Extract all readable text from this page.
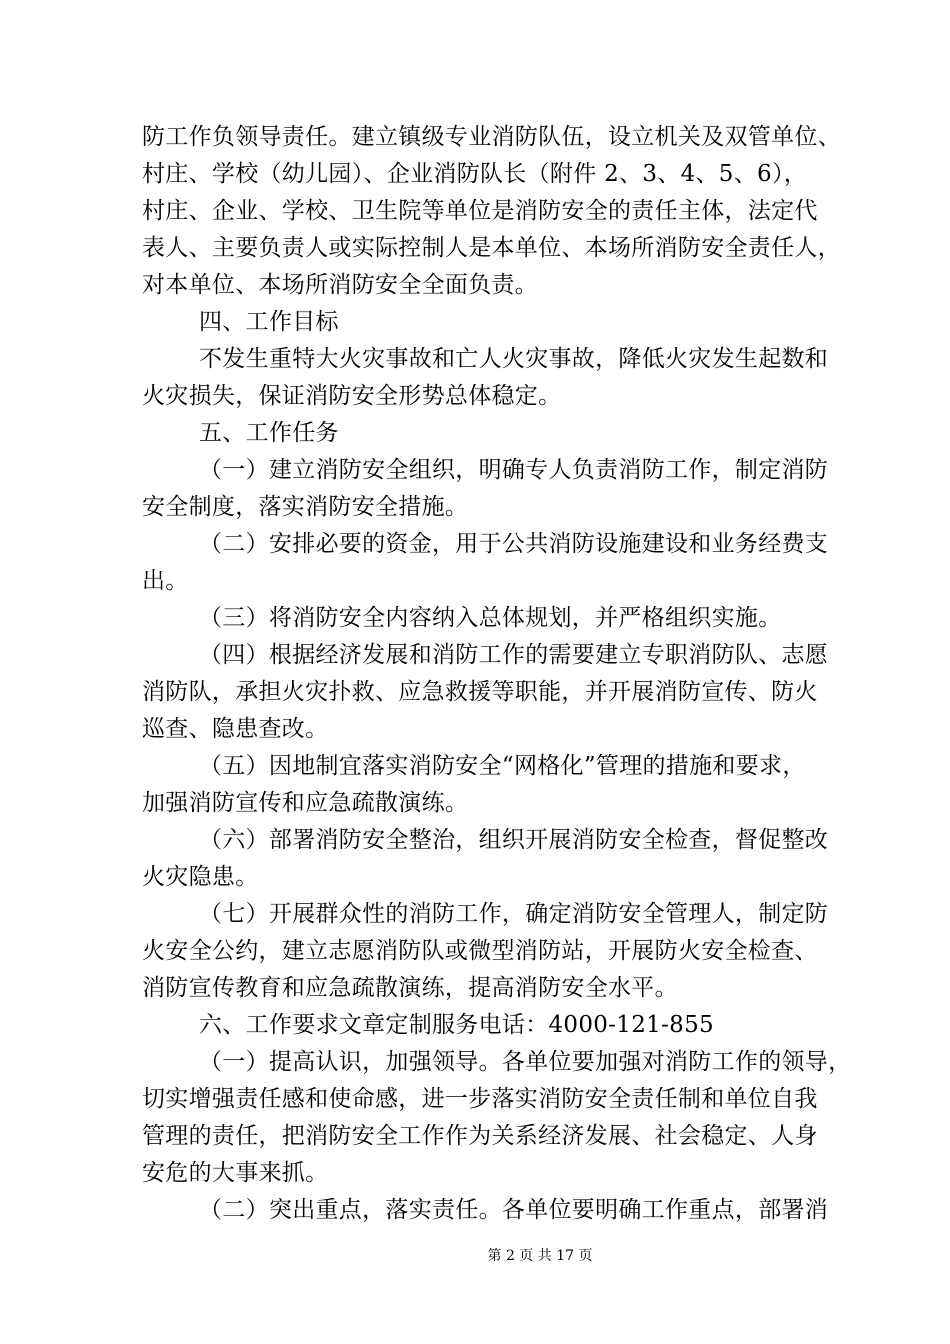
防工作负领导责任。建立镇级专业消防队伍，设立机关及双管单位、
村庄、学校（幼儿园）、企业消防队长（附件 2、3、4、5、6），
村庄、企业、学校、卫生院等单位是消防安全的责任主体，法定代
表人、主要负责人或实际控制人是本单位、本场所消防安全责任人，
对本单位、本场所消防安全全面负责。
四、工作目标
不发生重特大火灾事故和亡人火灾事故，降低火灾发生起数和
火灾损失，保证消防安全形势总体稳定。
五、工作任务
（一）建立消防安全组织，明确专人负责消防工作，制定消防
安全制度，落实消防安全措施。
（二）安排必要的资金，用于公共消防设施建设和业务经费支
出。
（三）将消防安全内容纳入总体规划，并严格组织实施。
（四）根据经济发展和消防工作的需要建立专职消防队、志愿
消防队，承担火灾扑救、应急救援等职能，并开展消防宣传、防火
巡查、隐患查改。
（五）因地制宜落实消防安全“网格化”管理的措施和要求，
加强消防宣传和应急疏散演练。
（六）部署消防安全整治，组织开展消防安全检查，督促整改
火灾隐患。
（七）开展群众性的消防工作，确定消防安全管理人，制定防
火安全公约，建立志愿消防队或微型消防站，开展防火安全检查、
消防宣传教育和应急疏散演练，提高消防安全水平。
六、工作要求文章定制服务电话：4000-121-855
（一）提高认识，加强领导。各单位要加强对消防工作的领导，
切实增强责任感和使命感，进一步落实消防安全责任制和单位自我
管理的责任，把消防安全工作作为关系经济发展、社会稳定、人身
安危的大事来抓。
（二）突出重点，落实责任。各单位要明确工作重点，部署消
第 2 页 共 17 页
